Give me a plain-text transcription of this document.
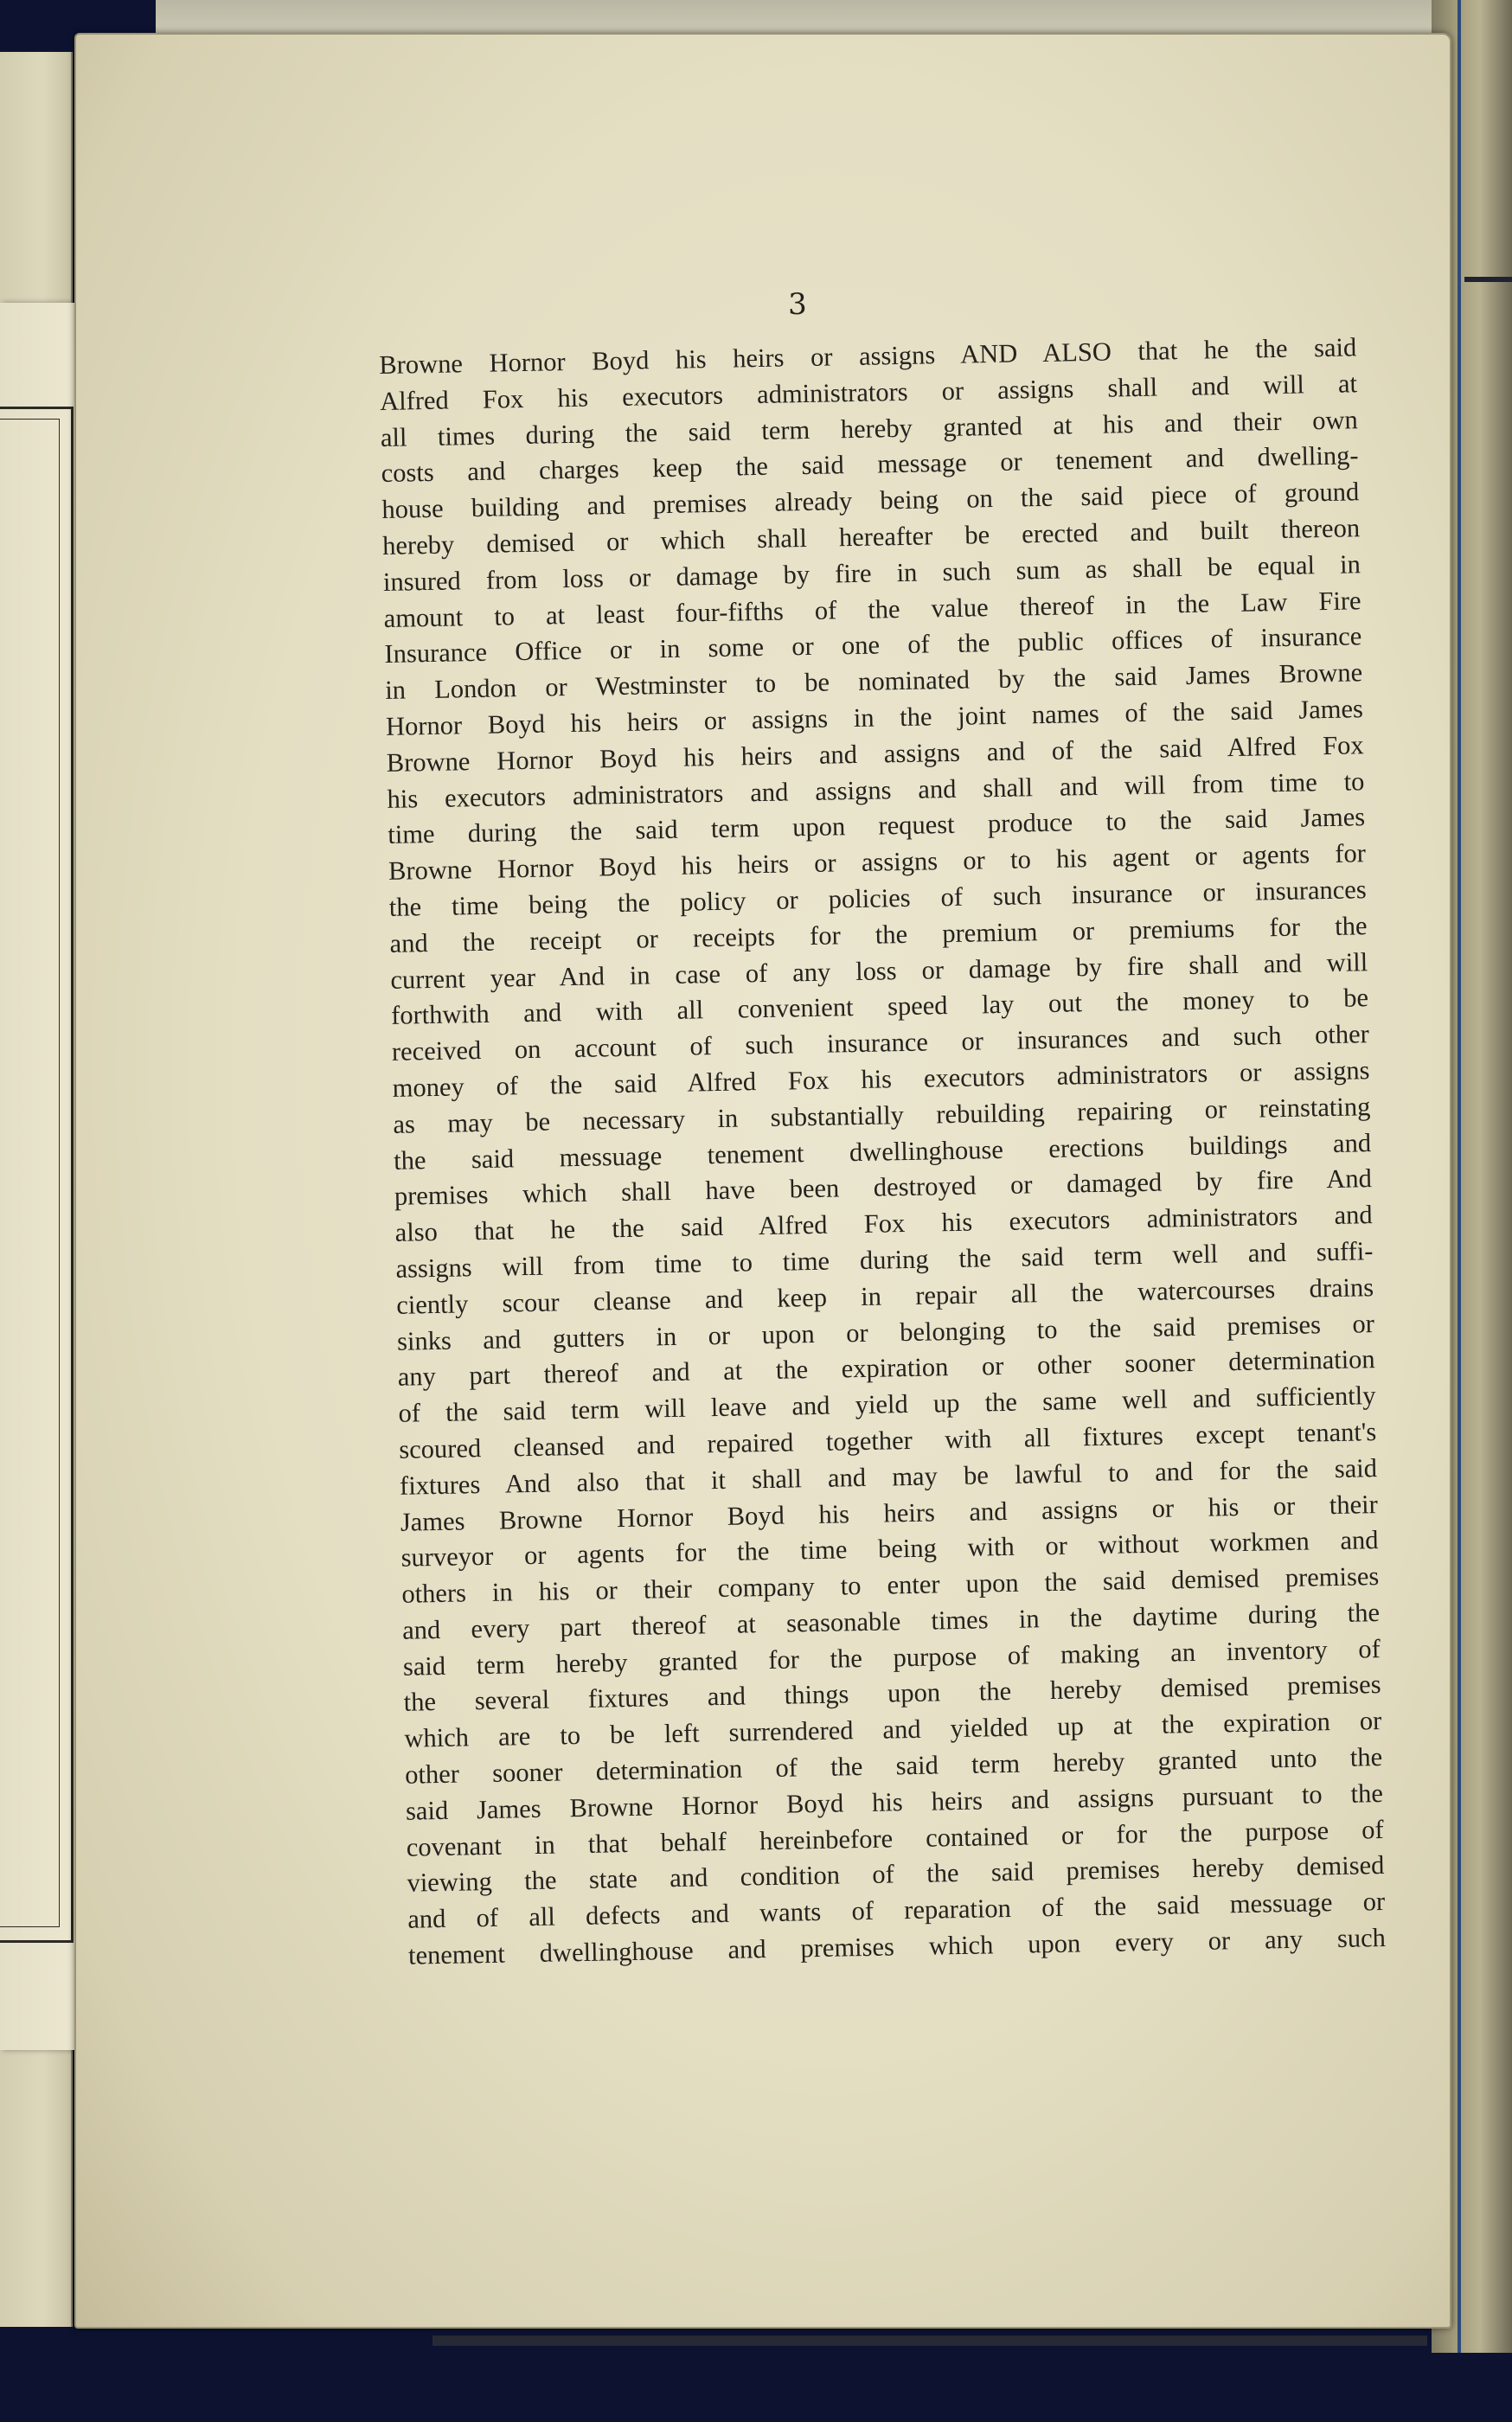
3
Browne Hornor Boyd his heirs or assigns AND ALSO that he the said
Alfred Fox his executors administrators or assigns shall and will at
all times during the said term hereby granted at his and their own
costs and charges keep the said message or tenement and dwelling-
house building and premises already being on the said piece of ground
hereby demised or which shall hereafter be erected and built thereon
insured from loss or damage by fire in such sum as shall be equal in
amount to at least four-fifths of the value thereof in the Law Fire
Insurance Office or in some or one of the public offices of insurance
in London or Westminster to be nominated by the said James Browne
Hornor Boyd his heirs or assigns in the joint names of the said James
Browne Hornor Boyd his heirs and assigns and of the said Alfred Fox
his executors administrators and assigns and shall and will from time to
time during the said term upon request produce to the said James
Browne Hornor Boyd his heirs or assigns or to his agent or agents for
the time being the policy or policies of such insurance or insurances
and the receipt or receipts for the premium or premiums for the
current year And in case of any loss or damage by fire shall and will
forthwith and with all convenient speed lay out the money to be
received on account of such insurance or insurances and such other
money of the said Alfred Fox his executors administrators or assigns
as may be necessary in substantially rebuilding repairing or reinstating
the said messuage tenement dwellinghouse erections buildings and
premises which shall have been destroyed or damaged by fire And
also that he the said Alfred Fox his executors administrators and
assigns will from time to time during the said term well and suffi-
ciently scour cleanse and keep in repair all the watercourses drains
sinks and gutters in or upon or belonging to the said premises or
any part thereof and at the expiration or other sooner determination
of the said term will leave and yield up the same well and sufficiently
scoured cleansed and repaired together with all fixtures except tenant's
fixtures And also that it shall and may be lawful to and for the said
James Browne Hornor Boyd his heirs and assigns or his or their
surveyor or agents for the time being with or without workmen and
others in his or their company to enter upon the said demised premises
and every part thereof at seasonable times in the daytime during the
said term hereby granted for the purpose of making an inventory of
the several fixtures and things upon the hereby demised premises
which are to be left surrendered and yielded up at the expiration or
other sooner determination of the said term hereby granted unto the
said James Browne Hornor Boyd his heirs and assigns pursuant to the
covenant in that behalf hereinbefore contained or for the purpose of
viewing the state and condition of the said premises hereby demised
and of all defects and wants of reparation of the said messuage or
tenement dwellinghouse and premises which upon every or any such
